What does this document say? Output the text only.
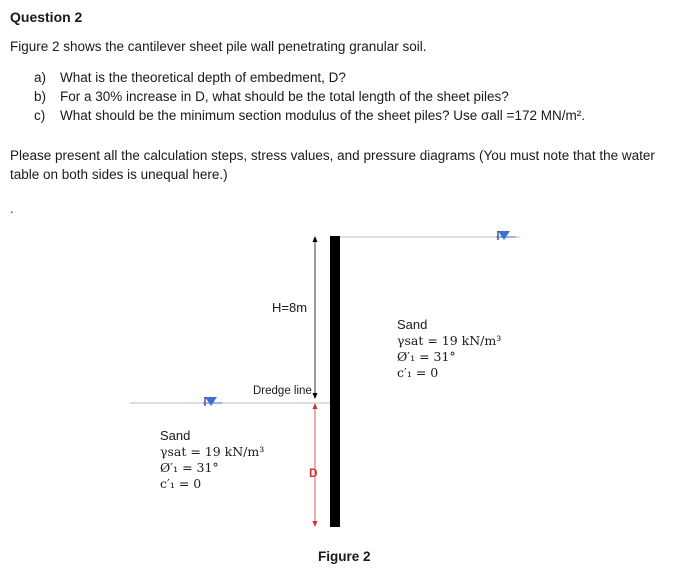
Question 2

Figure 2 shows the cantilever sheet pile wall penetrating granular soil.

a) What is the theoretical depth of embedment, D?
b) For a 30% increase in D, what should be the total length of the sheet piles?
c) What should be the minimum section modulus of the sheet piles? Use σall =172 MN/m².

Please present all the calculation steps, stress values, and pressure diagrams (You must note that the water table on both sides is unequal here.)

.
H=8m
Dredge line
D
Figure 2
Sand
γsat = 19 kN/m³
Ø′₁ = 31°
c′₁ = 0
Sand
γsat = 19 kN/m³
Ø′₁ = 31°
c′₁ = 0
